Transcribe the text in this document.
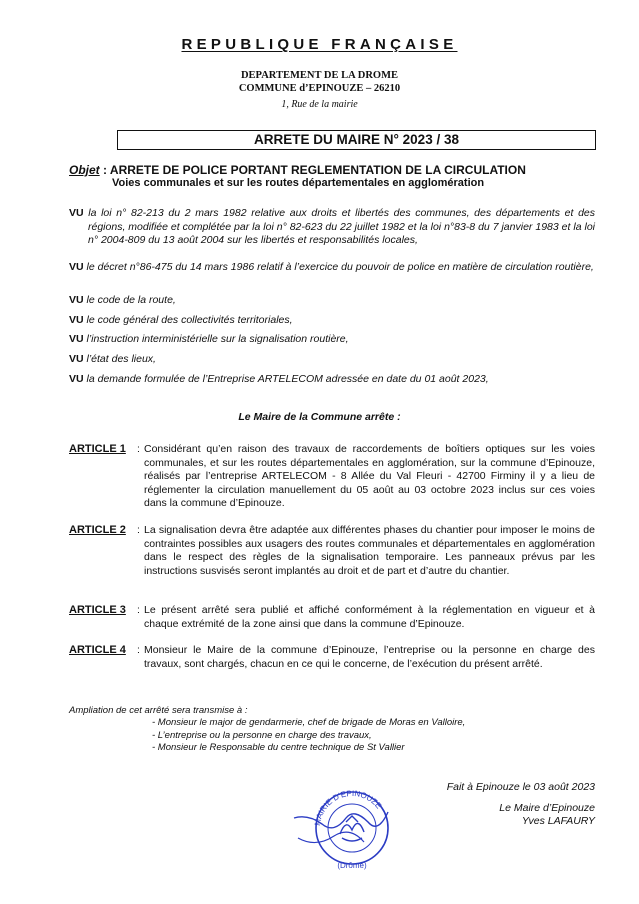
REPUBLIQUE FRANÇAISE
DEPARTEMENT DE LA DROME
COMMUNE d’EPINOUZE – 26210
1, Rue de la mairie
ARRETE DU MAIRE N° 2023 / 38
Objet : ARRETE DE POLICE PORTANT REGLEMENTATION DE LA CIRCULATION
Voies communales et sur les routes départementales en agglomération
VU la loi n° 82-213 du 2 mars 1982 relative aux droits et libertés des communes, des départements et des régions, modifiée et complétée par la loi n° 82-623 du 22 juillet 1982 et la loi n°83-8 du 7 janvier 1983 et la loi n° 2004-809 du 13 août 2004 sur les libertés et responsabilités locales,
VU le décret n°86-475 du 14 mars 1986 relatif à l’exercice du pouvoir de police en matière de circulation routière,
VU le code de la route,
VU le code général des collectivités territoriales,
VU l’instruction interministérielle sur la signalisation routière,
VU l’état des lieux,
VU la demande formulée de l’Entreprise ARTELECOM adressée en date du 01 août 2023,
Le Maire de la Commune arrête :
ARTICLE 1 : Considérant qu’en raison des travaux de raccordements de boîtiers optiques sur les voies communales, et sur les routes départementales en agglomération, sur la commune d’Epinouze, réalisés par l’entreprise ARTELECOM - 8 Allée du Val Fleuri - 42700 Firminy il y a lieu de réglementer la circulation manuellement du 05 août au 03 octobre 2023 inclus sur ces voies dans la commune d’Epinouze.
ARTICLE 2 : La signalisation devra être adaptée aux différentes phases du chantier pour imposer le moins de contraintes possibles aux usagers des routes communales et départementales en agglomération dans le respect des règles de la signalisation temporaire. Les panneaux prévus par les instructions susvisés seront implantés au droit et de part et d’autre du chantier.
ARTICLE 3 : Le présent arrêté sera publié et affiché conformément à la réglementation en vigueur et à chaque extrémité de la zone ainsi que dans la commune d’Epinouze.
ARTICLE 4 : Monsieur le Maire de la commune d’Epinouze, l’entreprise ou la personne en charge des travaux, sont chargés, chacun en ce qui le concerne, de l’exécution du présent arrêté.
Ampliation de cet arrêté sera transmise à :
- Monsieur le major de gendarmerie, chef de brigade de Moras en Valloire,
- L’entreprise ou la personne en charge des travaux,
- Monsieur le Responsable du centre technique de St Vallier
Fait à Epinouze le 03 août 2023
Le Maire d’Epinouze
Yves LAFAURY
MAIRIE D’EPINOUZE
(Drôme)
